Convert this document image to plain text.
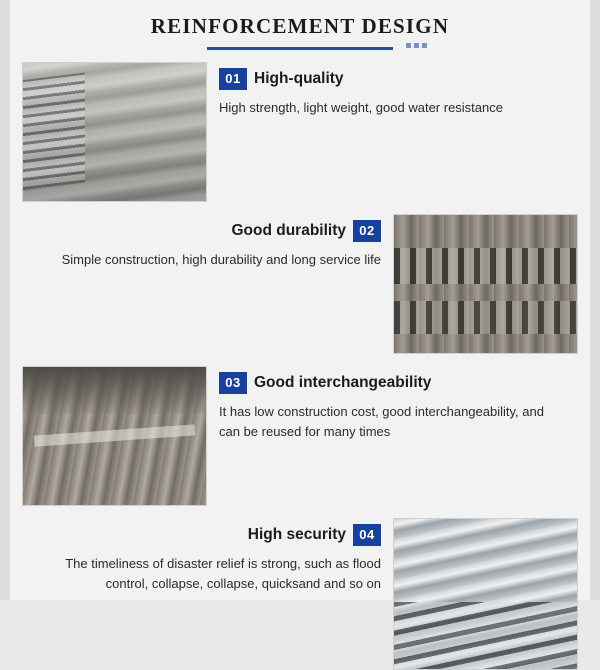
REINFORCEMENT DESIGN
01 High-quality
High strength, light weight, good water resistance
Good durability	02
Simple construction, high durability and long service life
03 Good interchangeability
It has low construction cost, good interchangeability, and can be reused for many times
High security	04
The timeliness of disaster relief is strong, such as flood control, collapse, collapse, quicksand and so on
